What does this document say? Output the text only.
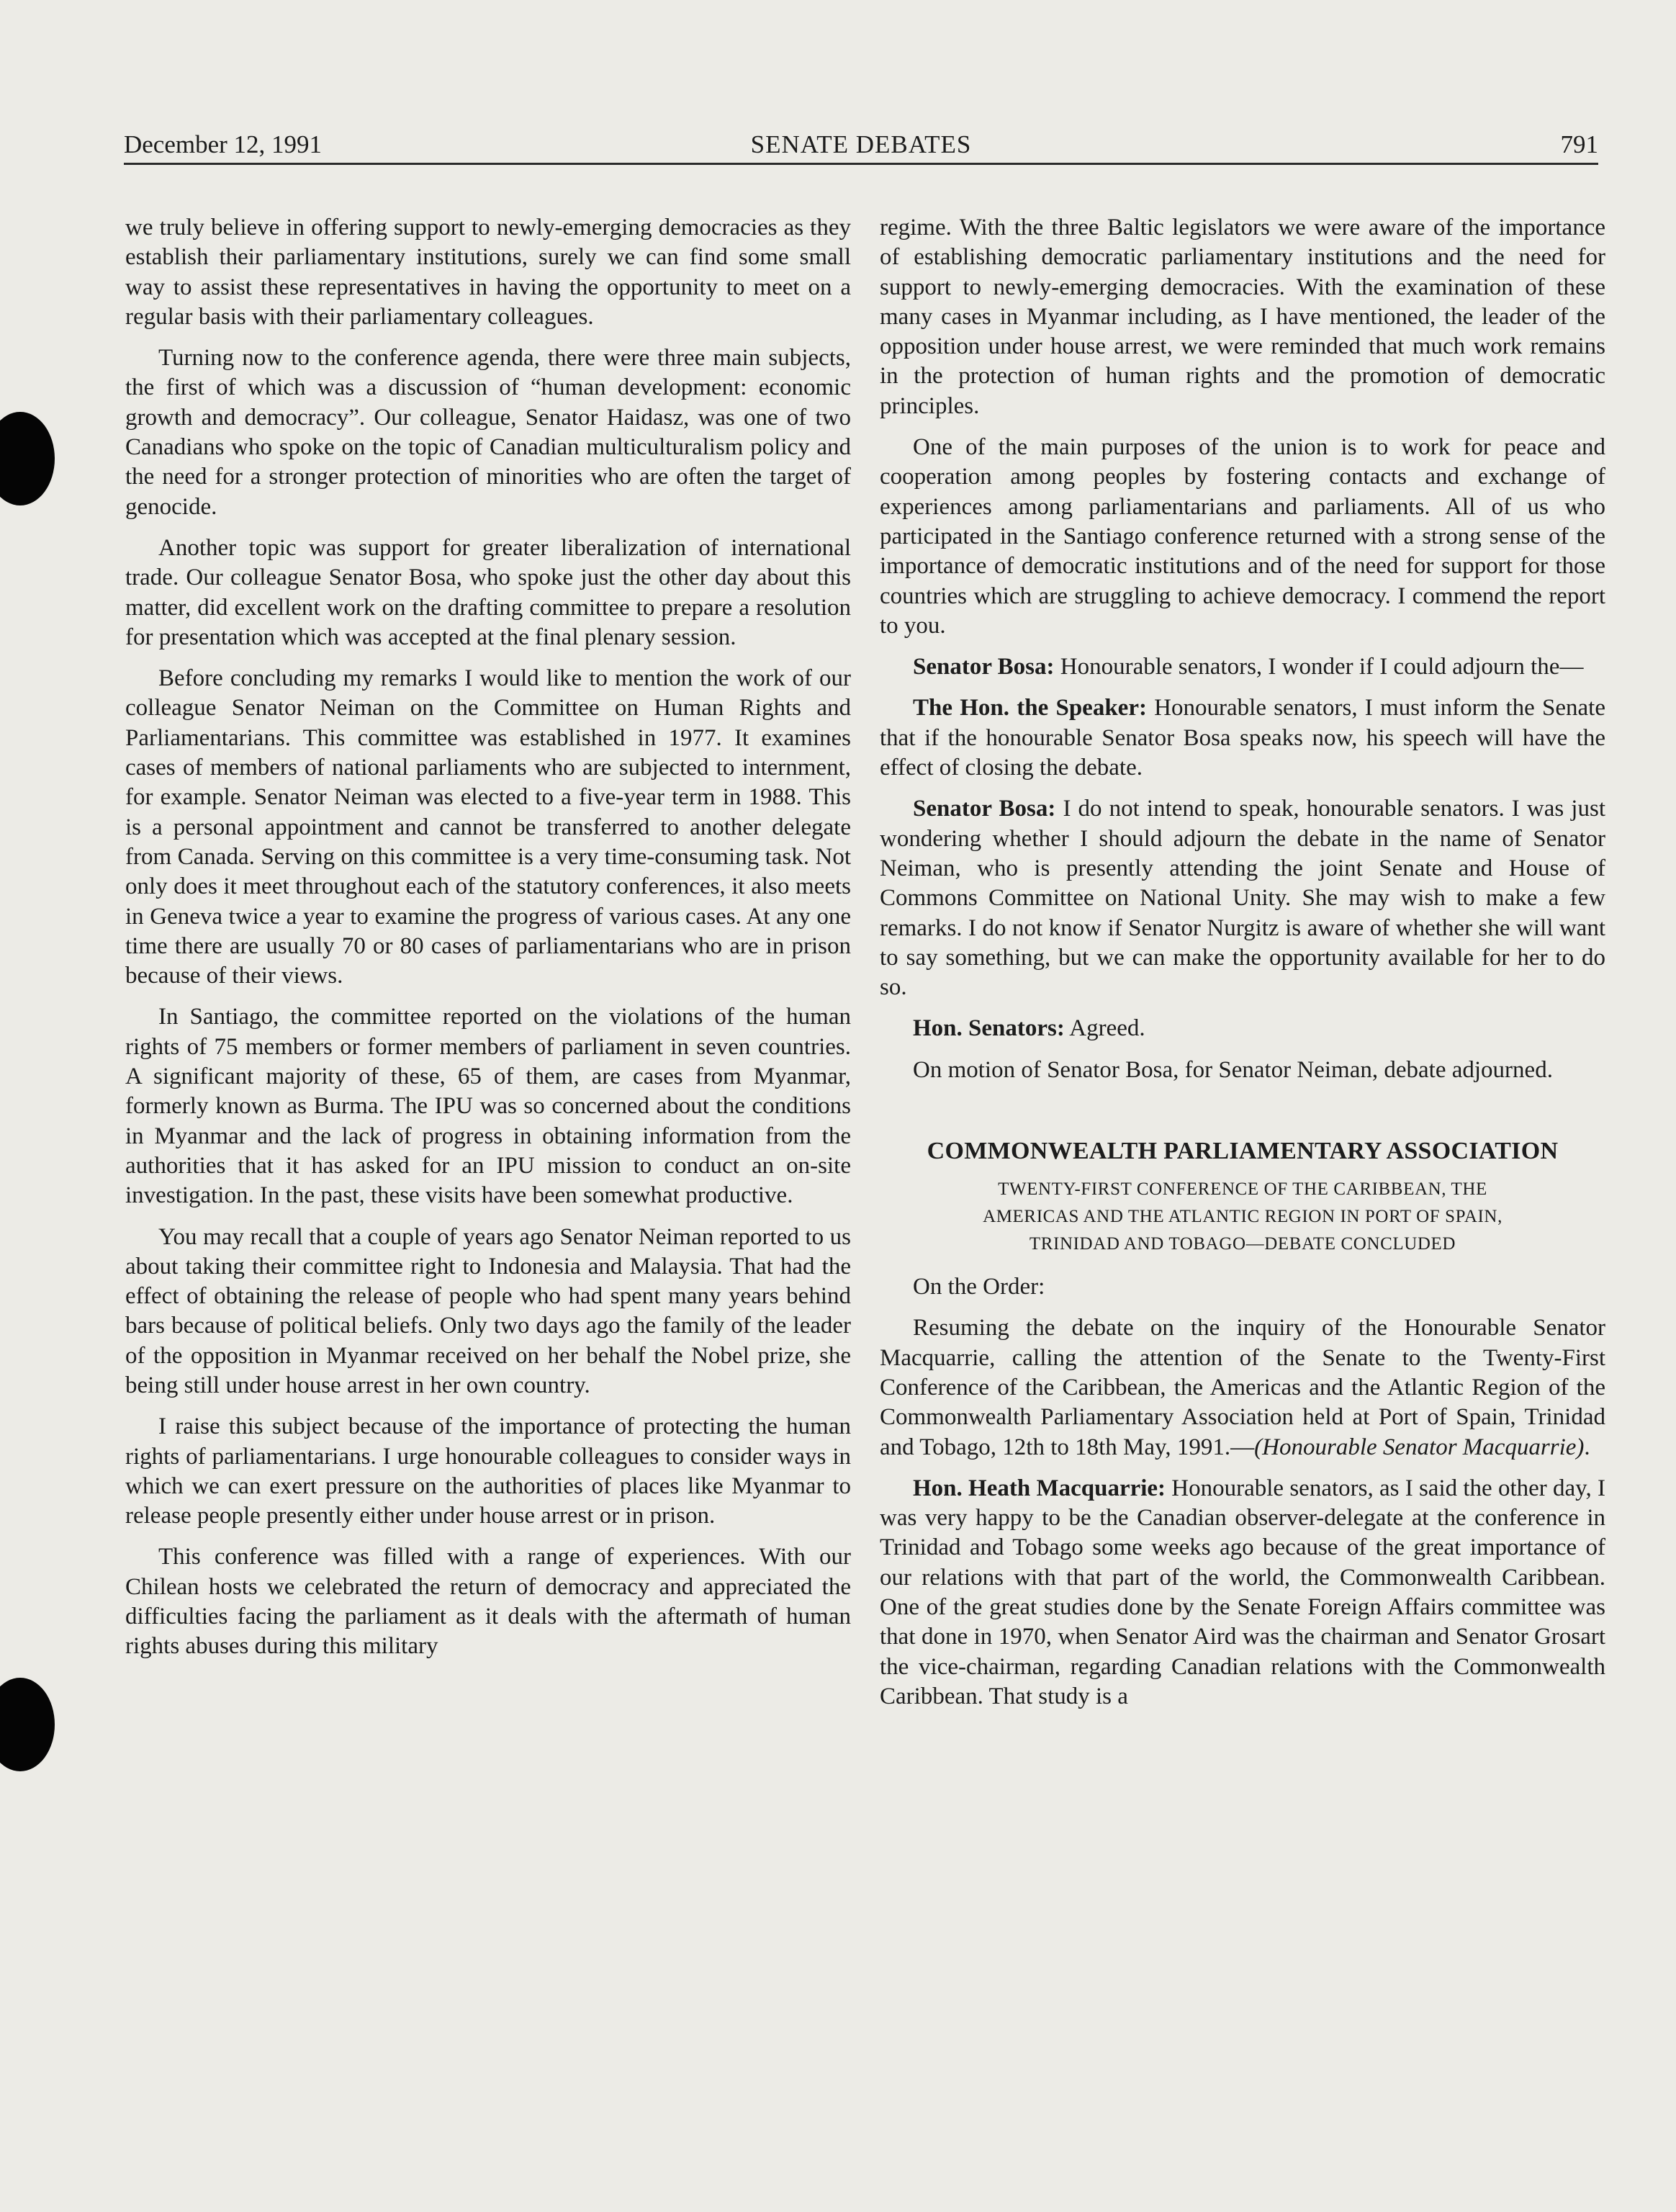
December 12, 1991	SENATE DEBATES	791

we truly believe in offering support to newly-emerging democracies as they establish their parliamentary institutions, surely we can find some small way to assist these representatives in having the opportunity to meet on a regular basis with their parliamentary colleagues.

Turning now to the conference agenda, there were three main subjects, the first of which was a discussion of “human development: economic growth and democracy”. Our colleague, Senator Haidasz, was one of two Canadians who spoke on the topic of Canadian multiculturalism policy and the need for a stronger protection of minorities who are often the target of genocide.

Another topic was support for greater liberalization of international trade. Our colleague Senator Bosa, who spoke just the other day about this matter, did excellent work on the drafting committee to prepare a resolution for presentation which was accepted at the final plenary session.

Before concluding my remarks I would like to mention the work of our colleague Senator Neiman on the Committee on Human Rights and Parliamentarians. This committee was established in 1977. It examines cases of members of national parliaments who are subjected to internment, for example. Senator Neiman was elected to a five-year term in 1988. This is a personal appointment and cannot be transferred to another delegate from Canada. Serving on this committee is a very time-consuming task. Not only does it meet throughout each of the statutory conferences, it also meets in Geneva twice a year to examine the progress of various cases. At any one time there are usually 70 or 80 cases of parliamentarians who are in prison because of their views.

In Santiago, the committee reported on the violations of the human rights of 75 members or former members of parliament in seven countries. A significant majority of these, 65 of them, are cases from Myanmar, formerly known as Burma. The IPU was so concerned about the conditions in Myanmar and the lack of progress in obtaining information from the authorities that it has asked for an IPU mission to conduct an on-site investigation. In the past, these visits have been somewhat productive.

You may recall that a couple of years ago Senator Neiman reported to us about taking their committee right to Indonesia and Malaysia. That had the effect of obtaining the release of people who had spent many years behind bars because of political beliefs. Only two days ago the family of the leader of the opposition in Myanmar received on her behalf the Nobel prize, she being still under house arrest in her own country.

I raise this subject because of the importance of protecting the human rights of parliamentarians. I urge honourable colleagues to consider ways in which we can exert pressure on the authorities of places like Myanmar to release people presently either under house arrest or in prison.

This conference was filled with a range of experiences. With our Chilean hosts we celebrated the return of democracy and appreciated the difficulties facing the parliament as it deals with the aftermath of human rights abuses during this military

regime. With the three Baltic legislators we were aware of the importance of establishing democratic parliamentary institutions and the need for support to newly-emerging democracies. With the examination of these many cases in Myanmar including, as I have mentioned, the leader of the opposition under house arrest, we were reminded that much work remains in the protection of human rights and the promotion of democratic principles.

One of the main purposes of the union is to work for peace and cooperation among peoples by fostering contacts and exchange of experiences among parliamentarians and parliaments. All of us who participated in the Santiago conference returned with a strong sense of the importance of democratic institutions and of the need for support for those countries which are struggling to achieve democracy. I commend the report to you.

Senator Bosa: Honourable senators, I wonder if I could adjourn the—

The Hon. the Speaker: Honourable senators, I must inform the Senate that if the honourable Senator Bosa speaks now, his speech will have the effect of closing the debate.

Senator Bosa: I do not intend to speak, honourable senators. I was just wondering whether I should adjourn the debate in the name of Senator Neiman, who is presently attending the joint Senate and House of Commons Committee on National Unity. She may wish to make a few remarks. I do not know if Senator Nurgitz is aware of whether she will want to say something, but we can make the opportunity available for her to do so.

Hon. Senators: Agreed.

On motion of Senator Bosa, for Senator Neiman, debate adjourned.

COMMONWEALTH PARLIAMENTARY ASSOCIATION
TWENTY-FIRST CONFERENCE OF THE CARIBBEAN, THE
AMERICAS AND THE ATLANTIC REGION IN PORT OF SPAIN,
TRINIDAD AND TOBAGO—DEBATE CONCLUDED

On the Order:

Resuming the debate on the inquiry of the Honourable Senator Macquarrie, calling the attention of the Senate to the Twenty-First Conference of the Caribbean, the Americas and the Atlantic Region of the Commonwealth Parliamentary Association held at Port of Spain, Trinidad and Tobago, 12th to 18th May, 1991.—(Honourable Senator Macquarrie).

Hon. Heath Macquarrie: Honourable senators, as I said the other day, I was very happy to be the Canadian observer-delegate at the conference in Trinidad and Tobago some weeks ago because of the great importance of our relations with that part of the world, the Commonwealth Caribbean. One of the great studies done by the Senate Foreign Affairs committee was that done in 1970, when Senator Aird was the chairman and Senator Grosart the vice-chairman, regarding Canadian relations with the Commonwealth Caribbean. That study is a
